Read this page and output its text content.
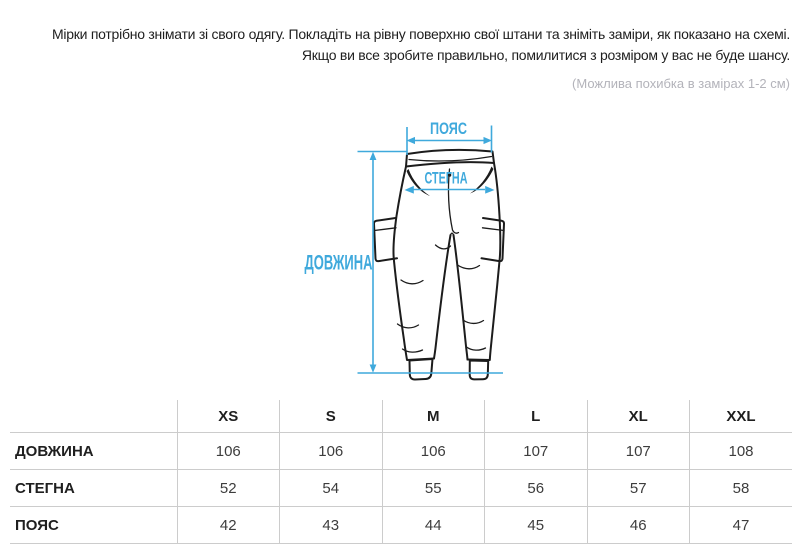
Мірки потрібно знімати зі свого одягу. Покладіть на рівну поверхню свої штани та зніміть заміри, як показано на схемі.
Якщо ви все зробите правильно, помилитися з розміром у вас не буде шансу.
(Можлива похибка в замірах 1-2 см)
ПОЯС
СТЕГНА
ДОВЖИНА
	XS	S	M	L	XL	XXL
ДОВЖИНА	106	106	106	107	107	108
СТЕГНА	52	54	55	56	57	58
ПОЯС	42	43	44	45	46	47
